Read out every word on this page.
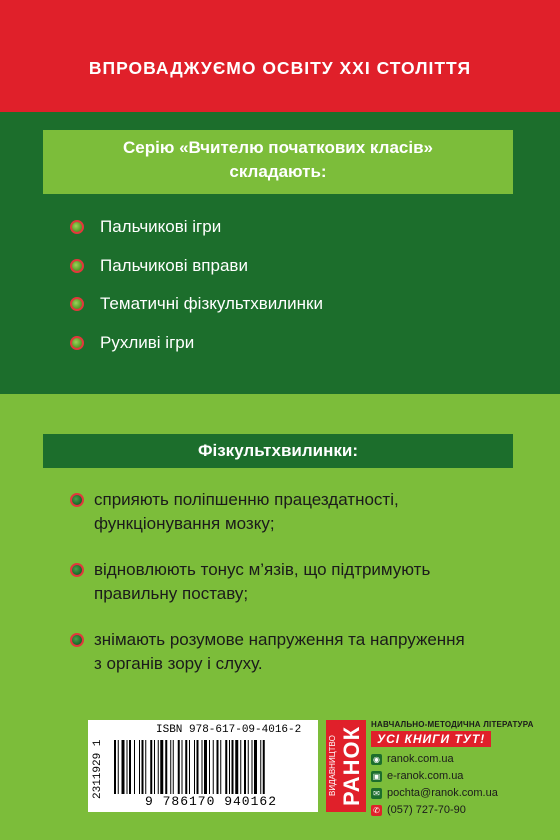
ВПРОВАДЖУЄМО ОСВІТУ XXI СТОЛІТТЯ
Серію «Вчителю початкових класів»
складають:
Пальчикові ігри
Пальчикові вправи
Тематичні фізкультхвилинки
Рухливі ігри
Фізкультхвилинки:
сприяють поліпшенню працездатності,
функціонування мозку;
відновлюють тонус м’язів, що підтримують
правильну поставу;
знімають розумове напруження та напруження
з органів зору і слуху.
ISBN 978-617-09-4016-2
2311929 1
9 786170 940162
ВИДАВНИЦТВО РАНОК
НАВЧАЛЬНО-МЕТОДИЧНА ЛІТЕРАТУРА
УСІ КНИГИ ТУТ!
◉ ranok.com.ua
▣ e-ranok.com.ua
✉ pochta@ranok.com.ua
✆ (057) 727-70-90
